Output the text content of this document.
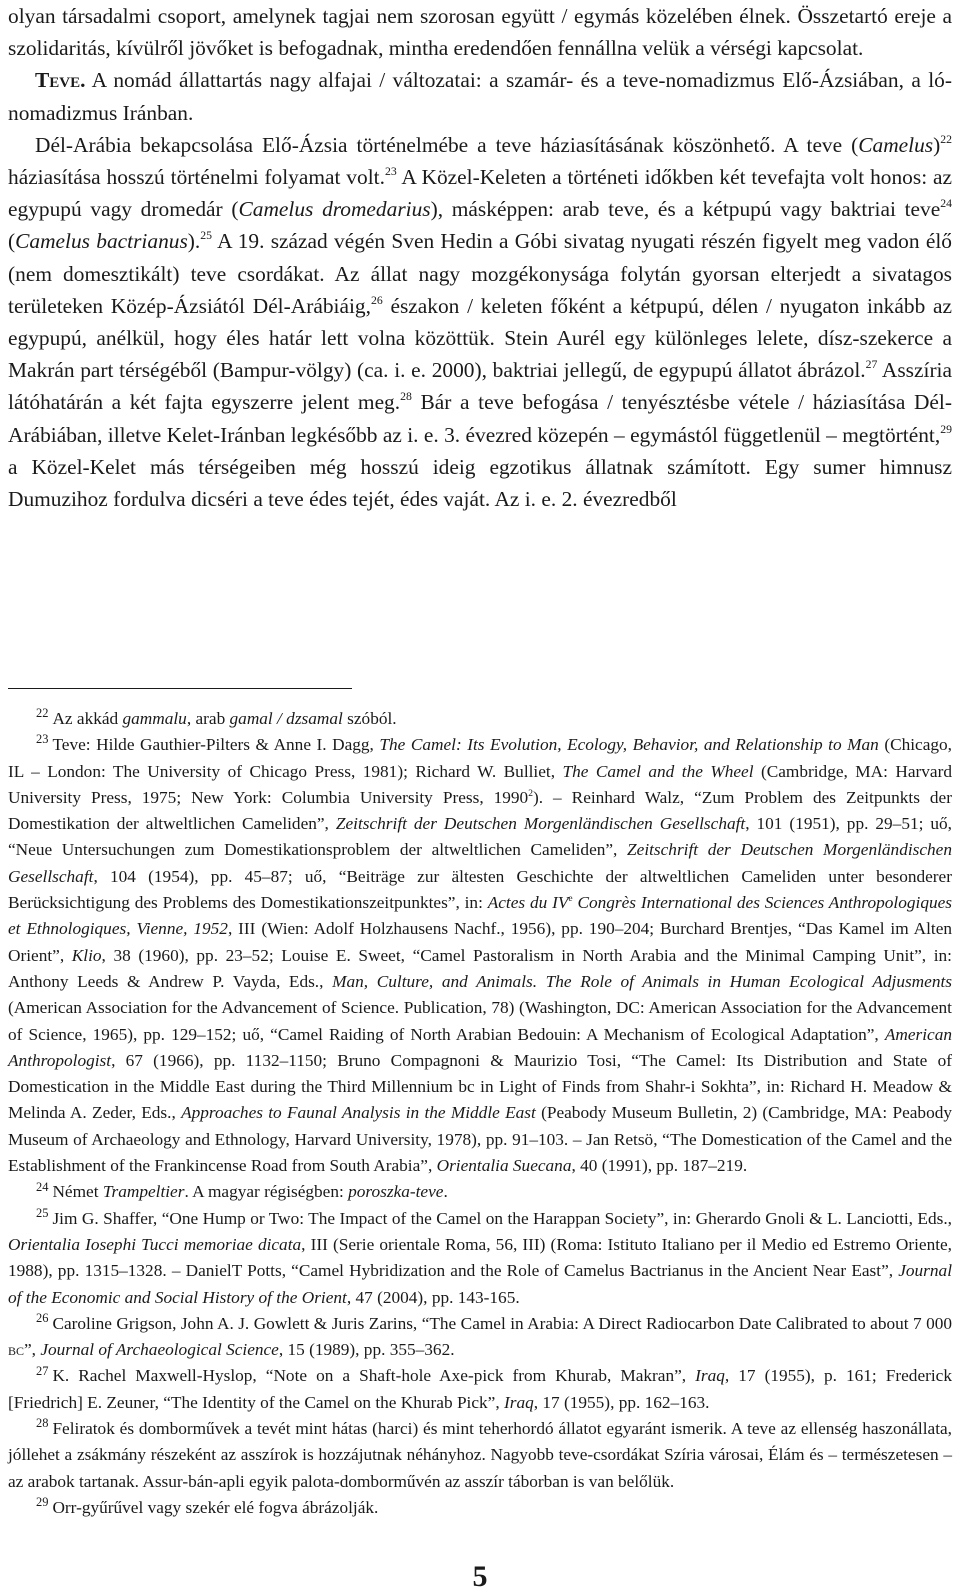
olyan társadalmi csoport, amelynek tagjai nem szorosan együtt / egymás közelében élnek. Összetartó ereje a szolidaritás, kívülről jövőket is befogadnak, mintha eredendően fennállna velük a vérségi kapcsolat.

Teve. A nomád állattartás nagy alfajai / változatai: a szamár- és a teve-nomadizmus Elő-Ázsiában, a ló-nomadizmus Iránban.

Dél-Arábia bekapcsolása Elő-Ázsia történelmébe a teve háziasításának köszönhető. A teve (Camelus)$^{22}$ háziasítása hosszú történelmi folyamat volt.$^{23}$ A Közel-Keleten a történeti időkben két tevefajta volt honos: az egypupú vagy dromedár (Camelus dromedarius), másképpen: arab teve, és a kétpupú vagy baktriai teve$^{24}$ (Camelus bactrianus).$^{25}$ A 19. század végén Sven Hedin a Góbi sivatag nyugati részén figyelt meg vadon élő (nem domesztikált) teve csordákat. Az állat nagy mozgékonysága folytán gyorsan elterjedt a sivatagos területeken Közép-Ázsiától Dél-Arábiáig,$^{26}$ északon / keleten főként a kétpupú, délen / nyugaton inkább az egypupú, anélkül, hogy éles határ lett volna közöttük. Stein Aurél egy különleges lelete, dísz-szekerce a Makrán part térségéből (Bampur-völgy) (ca. i. e. 2000), baktriai jellegű, de egypupú állatot ábrázol.$^{27}$ Asszíria látóhatárán a két fajta egyszerre jelent meg.$^{28}$ Bár a teve befogása / tenyésztésbe vétele / háziasítása Dél-Arábiában, illetve Kelet-Iránban legkésőbb az i. e. 3. évezred közepén – egymástól függetlenül – megtörtént,$^{29}$ a Közel-Kelet más térségeiben még hosszú ideig egzotikus állatnak számított. Egy sumer himnusz Dumuzihoz fordulva dicséri a teve édes tejét, édes vaját. Az i. e. 2. évezredből

$^{22}$ Az akkád gammalu, arab gamal / dzsamal szóból.

$^{23}$ Teve: Hilde Gauthier-Pilters & Anne I. Dagg, The Camel: Its Evolution, Ecology, Behavior, and Relationship to Man (Chicago, IL – London: The University of Chicago Press, 1981); Richard W. Bulliet, The Camel and the Wheel (Cambridge, MA: Harvard University Press, 1975; New York: Columbia University Press, 1990$^2$). – Reinhard Walz, “Zum Problem des Zeitpunkts der Domestikation der altweltlichen Cameliden”, Zeitschrift der Deutschen Morgenländischen Gesellschaft, 101 (1951), pp. 29–51; uő, “Neue Untersuchungen zum Domestikationsproblem der altweltlichen Cameliden”, Zeitschrift der Deutschen Morgenländischen Gesellschaft, 104 (1954), pp. 45–87; uő, “Beiträge zur ältesten Geschichte der altweltlichen Cameliden unter besonderer Berücksichtigung des Problems des Domestikationszeitpunktes”, in: Actes du IVe Congrès International des Sciences Anthropologiques et Ethnologiques, Vienne, 1952, III (Wien: Adolf Holzhausens Nachf., 1956), pp. 190–204; Burchard Brentjes, “Das Kamel im Alten Orient”, Klio, 38 (1960), pp. 23–52; Louise E. Sweet, “Camel Pastoralism in North Arabia and the Minimal Camping Unit”, in: Anthony Leeds & Andrew P. Vayda, Eds., Man, Culture, and Animals. The Role of Animals in Human Ecological Adjusments (American Association for the Advancement of Science. Publication, 78) (Washington, DC: American Association for the Advancement of Science, 1965), pp. 129–152; uő, “Camel Raiding of North Arabian Bedouin: A Mechanism of Ecological Adaptation”, American Anthropologist, 67 (1966), pp. 1132–1150; Bruno Compagnoni & Maurizio Tosi, “The Camel: Its Distribution and State of Domestication in the Middle East during the Third Millennium bc in Light of Finds from Shahr-i Sokhta”, in: Richard H. Meadow & Melinda A. Zeder, Eds., Approaches to Faunal Analysis in the Middle East (Peabody Museum Bulletin, 2) (Cambridge, MA: Peabody Museum of Archaeology and Ethnology, Harvard University, 1978), pp. 91–103. – Jan Retsö, “The Domestication of the Camel and the Establishment of the Frankincense Road from South Arabia”, Orientalia Suecana, 40 (1991), pp. 187–219.

$^{24}$ Német Trampeltier. A magyar régiségben: poroszka-teve.

$^{25}$ Jim G. Shaffer, “One Hump or Two: The Impact of the Camel on the Harappan Society”, in: Gherardo Gnoli & L. Lanciotti, Eds., Orientalia Iosephi Tucci memoriae dicata, III (Serie orientale Roma, 56, III) (Roma: Istituto Italiano per il Medio ed Estremo Oriente, 1988), pp. 1315–1328. – DanielT Potts, “Camel Hybridization and the Role of Camelus Bactrianus in the Ancient Near East”, Journal of the Economic and Social History of the Orient, 47 (2004), pp. 143-165.

$^{26}$ Caroline Grigson, John A. J. Gowlett & Juris Zarins, “The Camel in Arabia: A Direct Radiocarbon Date Calibrated to about 7 000 bc”, Journal of Archaeological Science, 15 (1989), pp. 355–362.

$^{27}$ K. Rachel Maxwell-Hyslop, “Note on a Shaft-hole Axe-pick from Khurab, Makran”, Iraq, 17 (1955), p. 161; Frederick [Friedrich] E. Zeuner, “The Identity of the Camel on the Khurab Pick”, Iraq, 17 (1955), pp. 162–163.

$^{28}$ Feliratok és domborművek a tevét mint hátas (harci) és mint teherhordó állatot egyaránt ismerik. A teve az ellenség haszonállata, jóllehet a zsákmány részeként az asszírok is hozzájutnak néhányhoz. Nagyobb teve-csordákat Szíria városai, Élám és – természetesen – az arabok tartanak. Assur-bán-apli egyik palota-domborművén az asszír táborban is van belőlük.

$^{29}$ Orr-gyűrűvel vagy szekér elé fogva ábrázolják.

5
